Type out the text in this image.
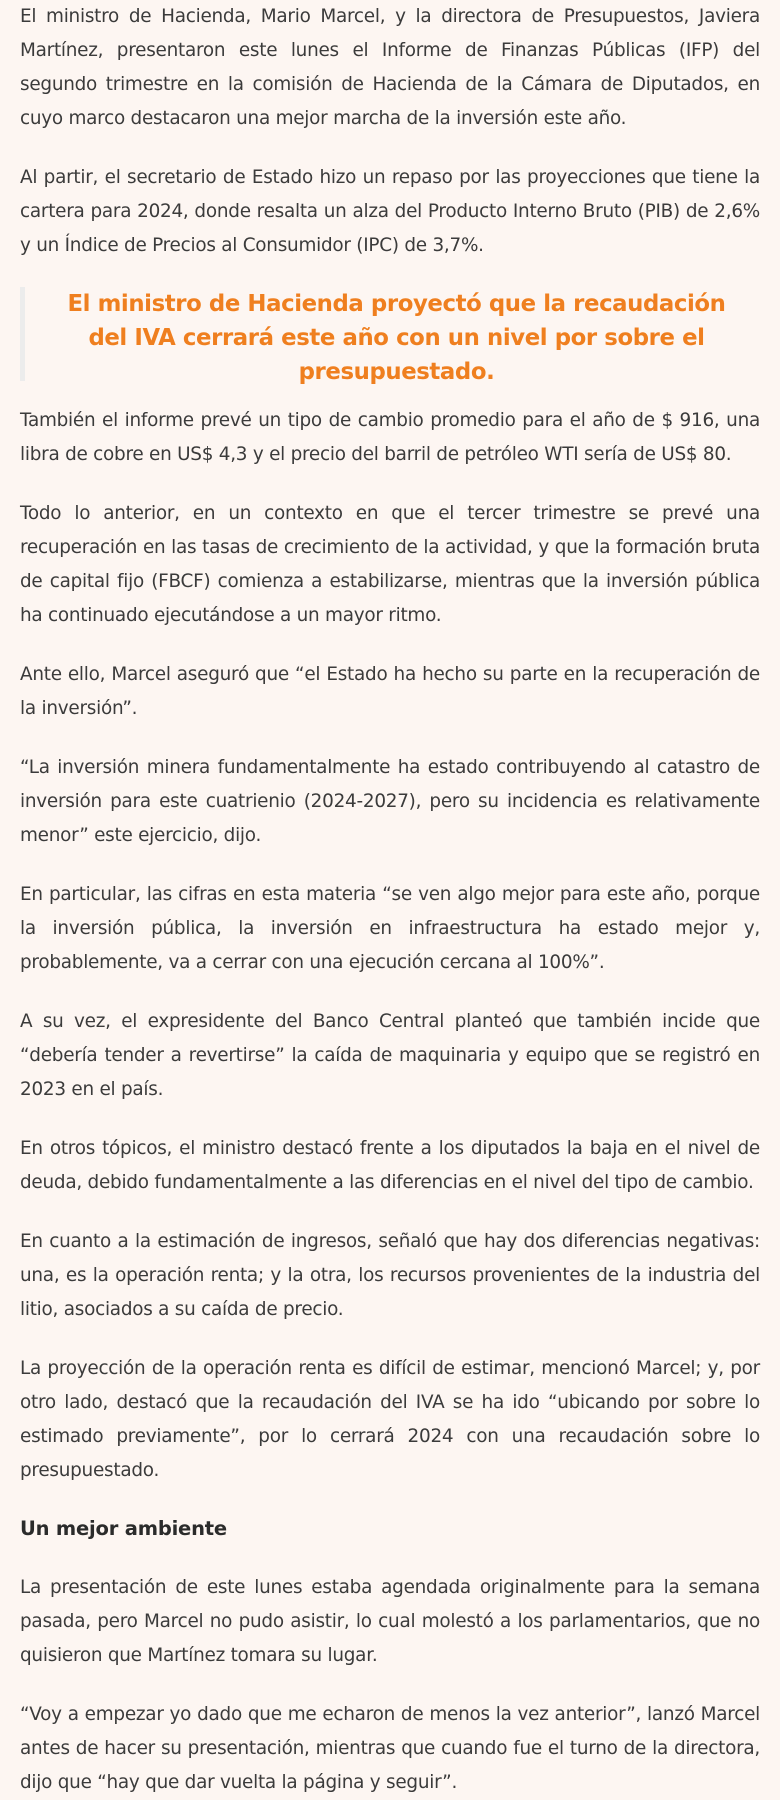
El ministro de Hacienda, Mario Marcel, y la directora de Presupuestos, Javiera Martínez, presentaron este lunes el Informe de Finanzas Públicas (IFP) del segundo trimestre en la comisión de Hacienda de la Cámara de Diputados, en cuyo marco destacaron una mejor marcha de la inversión este año.

Al partir, el secretario de Estado hizo un repaso por las proyecciones que tiene la cartera para 2024, donde resalta un alza del Producto Interno Bruto (PIB) de 2,6% y un Índice de Precios al Consumidor (IPC) de 3,7%.

El ministro de Hacienda proyectó que la recaudación del IVA cerrará este año con un nivel por sobre el presupuestado.

También el informe prevé un tipo de cambio promedio para el año de $ 916, una libra de cobre en US$ 4,3 y el precio del barril de petróleo WTI sería de US$ 80.

Todo lo anterior, en un contexto en que el tercer trimestre se prevé una recuperación en las tasas de crecimiento de la actividad, y que la formación bruta de capital fijo (FBCF) comienza a estabilizarse, mientras que la inversión pública ha continuado ejecutándose a un mayor ritmo.

Ante ello, Marcel aseguró que “el Estado ha hecho su parte en la recuperación de la inversión”.

“La inversión minera fundamentalmente ha estado contribuyendo al catastro de inversión para este cuatrienio (2024-2027), pero su incidencia es relativamente menor” este ejercicio, dijo.

En particular, las cifras en esta materia “se ven algo mejor para este año, porque la inversión pública, la inversión en infraestructura ha estado mejor y, probablemente, va a cerrar con una ejecución cercana al 100%”.

A su vez, el expresidente del Banco Central planteó que también incide que “debería tender a revertirse” la caída de maquinaria y equipo que se registró en 2023 en el país.

En otros tópicos, el ministro destacó frente a los diputados la baja en el nivel de deuda, debido fundamentalmente a las diferencias en el nivel del tipo de cambio.

En cuanto a la estimación de ingresos, señaló que hay dos diferencias negativas: una, es la operación renta; y la otra, los recursos provenientes de la industria del litio, asociados a su caída de precio.

La proyección de la operación renta es difícil de estimar, mencionó Marcel; y, por otro lado, destacó que la recaudación del IVA se ha ido “ubicando por sobre lo estimado previamente”, por lo cerrará 2024 con una recaudación sobre lo presupuestado.

Un mejor ambiente

La presentación de este lunes estaba agendada originalmente para la semana pasada, pero Marcel no pudo asistir, lo cual molestó a los parlamentarios, que no quisieron que Martínez tomara su lugar.

“Voy a empezar yo dado que me echaron de menos la vez anterior”, lanzó Marcel antes de hacer su presentación, mientras que cuando fue el turno de la directora, dijo que “hay que dar vuelta la página y seguir”.
